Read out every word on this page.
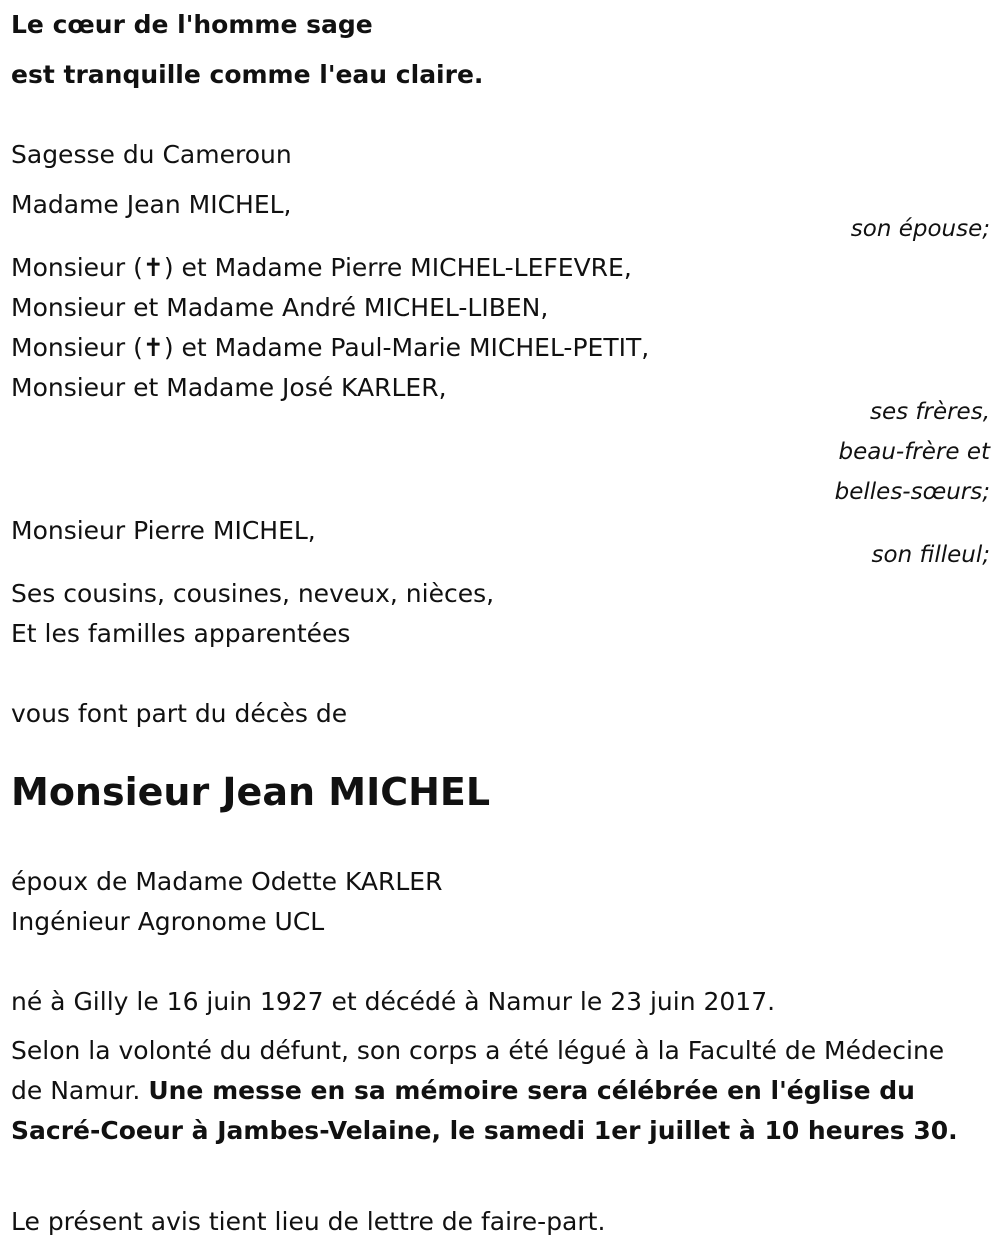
Le cœur de l'homme sage
est tranquille comme l'eau claire.
Sagesse du Cameroun
Madame Jean MICHEL,
son épouse;
Monsieur (✝) et Madame Pierre MICHEL-LEFEVRE,
Monsieur et Madame André MICHEL-LIBEN,
Monsieur (✝) et Madame Paul-Marie MICHEL-PETIT,
Monsieur et Madame José KARLER,
ses frères,
beau-frère et
belles-sœurs;
Monsieur Pierre MICHEL,
son filleul;
Ses cousins, cousines, neveux, nièces,
Et les familles apparentées
vous font part du décès de
Monsieur Jean MICHEL
époux de Madame Odette KARLER
Ingénieur Agronome UCL
né à Gilly le 16 juin 1927 et décédé à Namur le 23 juin 2017.
Selon la volonté du défunt, son corps a été légué à la Faculté de Médecine de Namur. Une messe en sa mémoire sera célébrée en l'église du Sacré-Coeur à Jambes-Velaine, le samedi 1er juillet à 10 heures 30.
Le présent avis tient lieu de lettre de faire-part.
